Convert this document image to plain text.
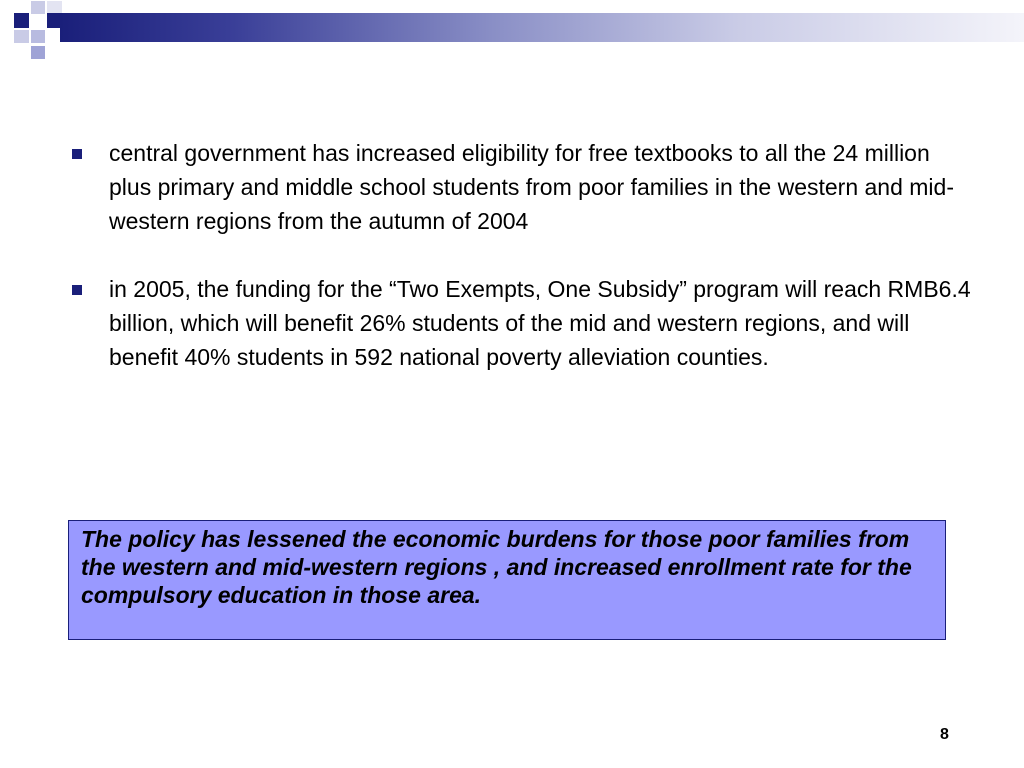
central government has increased eligibility for free textbooks to all the 24 million plus primary and middle school students from poor families in the western and mid-western regions from the autumn of 2004
in 2005, the funding for the “Two Exempts, One Subsidy” program will reach RMB6.4 billion, which will benefit 26% students of the mid and western regions, and will benefit 40% students in 592 national poverty alleviation counties.

The policy has lessened the economic burdens for those poor families from the western and mid-western regions , and increased enrollment rate for the compulsory education in those area.

8
